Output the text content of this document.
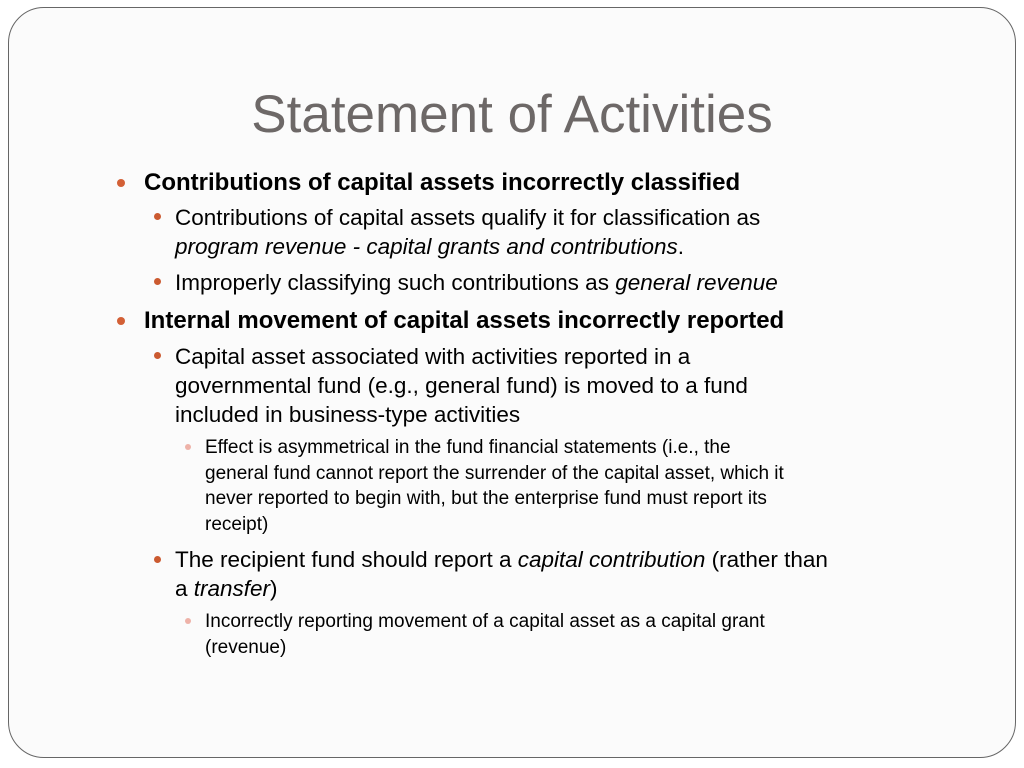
Statement of Activities
Contributions of capital assets incorrectly classified
Contributions of capital assets qualify it for classification as
program revenue - capital grants and contributions.
Improperly classifying such contributions as general revenue
Internal movement of capital assets incorrectly reported
Capital asset associated with activities reported in a
governmental fund (e.g., general fund) is moved to a fund
included in business-type activities
Effect is asymmetrical in the fund financial statements (i.e., the
general fund cannot report the surrender of the capital asset, which it
never reported to begin with, but the enterprise fund must report its
receipt)
The recipient fund should report a capital contribution (rather than
a transfer)
Incorrectly reporting movement of a capital asset as a capital grant
(revenue)
